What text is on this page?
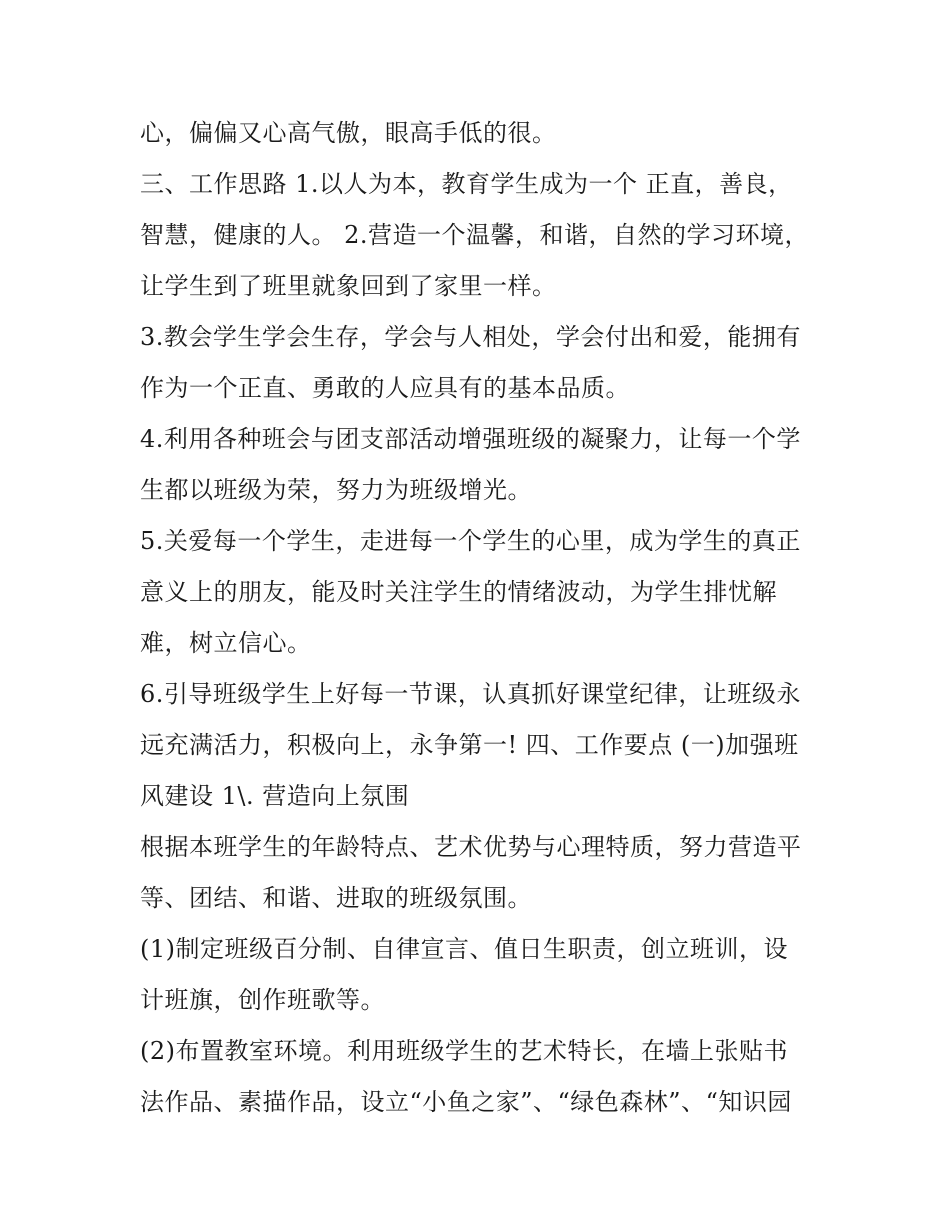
心，偏偏又心高气傲，眼高手低的很。
三、工作思路 1.以人为本，教育学生成为一个 正直，善良，
智慧，健康的人。 2.营造一个温馨，和谐，自然的学习环境，
让学生到了班里就象回到了家里一样。
3.教会学生学会生存，学会与人相处，学会付出和爱，能拥有
作为一个正直、勇敢的人应具有的基本品质。
4.利用各种班会与团支部活动增强班级的凝聚力，让每一个学
生都以班级为荣，努力为班级增光。
5.关爱每一个学生，走进每一个学生的心里，成为学生的真正
意义上的朋友，能及时关注学生的情绪波动，为学生排忧解
难，树立信心。
6.引导班级学生上好每一节课，认真抓好课堂纪律，让班级永
远充满活力，积极向上，永争第一! 四、工作要点 (一)加强班
风建设 1\. 营造向上氛围
根据本班学生的年龄特点、艺术优势与心理特质，努力营造平
等、团结、和谐、进取的班级氛围。
(1)制定班级百分制、自律宣言、值日生职责，创立班训，设
计班旗，创作班歌等。
(2)布置教室环境。利用班级学生的艺术特长，在墙上张贴书
法作品、素描作品，设立“小鱼之家”、“绿色森林”、“知识园
